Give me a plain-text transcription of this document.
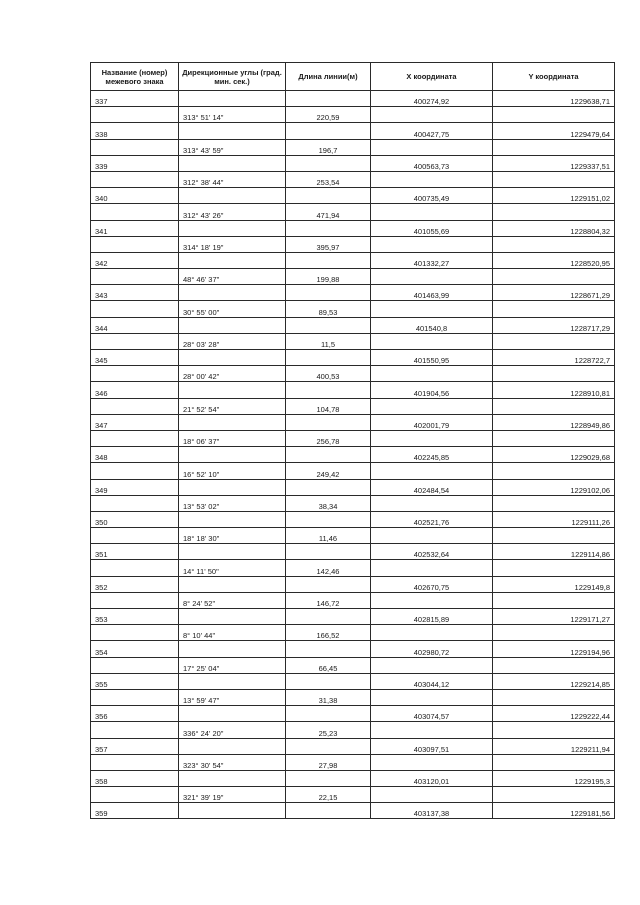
Название (номер) межевого знака	Дирекционные углы (град. мин. сек.)	Длина линии(м)	X координата	Y координата
337			400274,92	1229638,71
	313° 51' 14"	220,59		
338			400427,75	1229479,64
	313° 43' 59"	196,7		
339			400563,73	1229337,51
	312° 38' 44"	253,54		
340			400735,49	1229151,02
	312° 43' 26"	471,94		
341			401055,69	1228804,32
	314° 18' 19"	395,97		
342			401332,27	1228520,95
	48° 46' 37"	199,88		
343			401463,99	1228671,29
	30° 55' 00"	89,53		
344			401540,8	1228717,29
	28° 03' 28"	11,5		
345			401550,95	1228722,7
	28° 00' 42"	400,53		
346			401904,56	1228910,81
	21° 52' 54"	104,78		
347			402001,79	1228949,86
	18° 06' 37"	256,78		
348			402245,85	1229029,68
	16° 52' 10"	249,42		
349			402484,54	1229102,06
	13° 53' 02"	38,34		
350			402521,76	1229111,26
	18° 18' 30"	11,46		
351			402532,64	1229114,86
	14° 11' 50"	142,46		
352			402670,75	1229149,8
	8° 24' 52"	146,72		
353			402815,89	1229171,27
	8° 10' 44"	166,52		
354			402980,72	1229194,96
	17° 25' 04"	66,45		
355			403044,12	1229214,85
	13° 59' 47"	31,38		
356			403074,57	1229222,44
	336° 24' 20"	25,23		
357			403097,51	1229211,94
	323° 30' 54"	27,98		
358			403120,01	1229195,3
	321° 39' 19"	22,15		
359			403137,38	1229181,56
